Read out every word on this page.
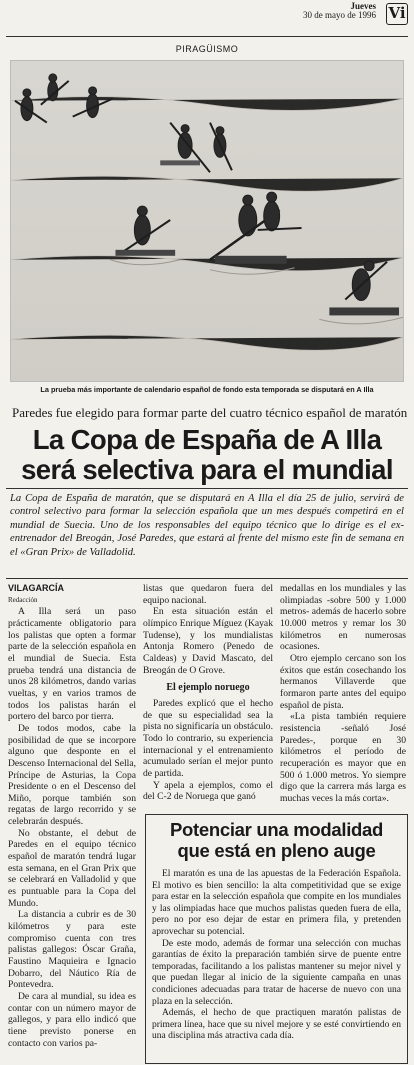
Jueves
30 de mayo de 1996 Vi
PIRAGÜISMO
La prueba más importante de calendario español de fondo esta temporada se disputará en A Illa
Paredes fue elegido para formar parte del cuatro técnico español de maratón
La Copa de España de A Illa
será selectiva para el mundial
La Copa de España de maratón, que se disputará en A Illa el día 25 de julio, servirá de control selectivo para formar la selección española que un mes después competirá en el mundial de Suecia. Uno de los responsables del equipo técnico que lo dirige es el ex-entrenador del Breogán, José Paredes, que estará al frente del mismo este fin de semana en el «Gran Prix» de Valladolid.

VILAGARCÍA

Redacción

A Illa será un paso prácticamente obligatorio para los palistas que opten a formar parte de la selección española en el mundial de Suecia. Esta prueba tendrá una distancia de unos 28 kilómetros, dando varias vueltas, y en varios tramos de todos los palistas harán el portero del barco por tierra.

De todos modos, cabe la posibilidad de que se incorpore alguno que desponte en el Descenso Internacional del Sella, Príncipe de Asturias, la Copa Presidente o en el Descenso del Miño, porque también son regatas de largo recorrido y se celebrarán después.

No obstante, el debut de Paredes en el equipo técnico español de maratón tendrá lugar esta semana, en el Gran Prix que se celebrará en Valladolid y que es puntuable para la Copa del Mundo.

La distancia a cubrir es de 30 kilómetros y para este compromiso cuenta con tres palistas gallegos: Óscar Graña, Faustino Maquieira e Ignacio Dobarro, del Náutico Ría de Pontevedra.

De cara al mundial, su idea es contar con un número mayor de gallegos, y para ello indicó que tiene previsto ponerse en contacto con varios pa-

listas que quedaron fuera del equipo nacional.

En esta situación están el olímpico Enrique Míguez (Kayak Tudense), y los mundialistas Antonja Romero (Penedo de Caldeas) y David Mascato, del Breogán de O Grove.

El ejemplo noruego

Paredes explicó que el hecho de que su especialidad sea la pista no significaría un obstáculo. Todo lo contrario, su experiencia internacional y el entrenamiento acumulado serían el mejor punto de partida.

Y apela a ejemplos, como el del C-2 de Noruega que ganó

medallas en los mundiales y las olimpiadas -sobre 500 y 1.000 metros- además de hacerlo sobre 10.000 metros y remar los 30 kilómetros en numerosas ocasiones.

Otro ejemplo cercano son los éxitos que están cosechando los hermanos Villaverde que formaron parte antes del equipo español de pista.

«La pista también requiere resistencia -señaló José Paredes-, porque en 30 kilómetros el período de recuperación es mayor que en 500 ó 1.000 metros. Yo siempre digo que la carrera más larga es muchas veces la más corta».

Potenciar una modalidad
que está en pleno auge

El maratón es una de las apuestas de la Federación Española. El motivo es bien sencillo: la alta competitividad que se exige para estar en la selección española que compite en los mundiales y las olimpiadas hace que muchos palistas queden fuera de ella, pero no por eso dejar de estar en primera fila, y pretenden aprovechar su potencial.

De este modo, además de formar una selección con muchas garantías de éxito la preparación también sirve de puente entre temporadas, facilitando a los palistas mantener su mejor nivel y que puedan llegar al inicio de la siguiente campaña en unas condiciones adecuadas para tratar de hacerse de nuevo con una plaza en la selección.

Además, el hecho de que practiquen maratón palistas de primera línea, hace que su nivel mejore y se esté convirtiendo en una disciplina más atractiva cada día.
